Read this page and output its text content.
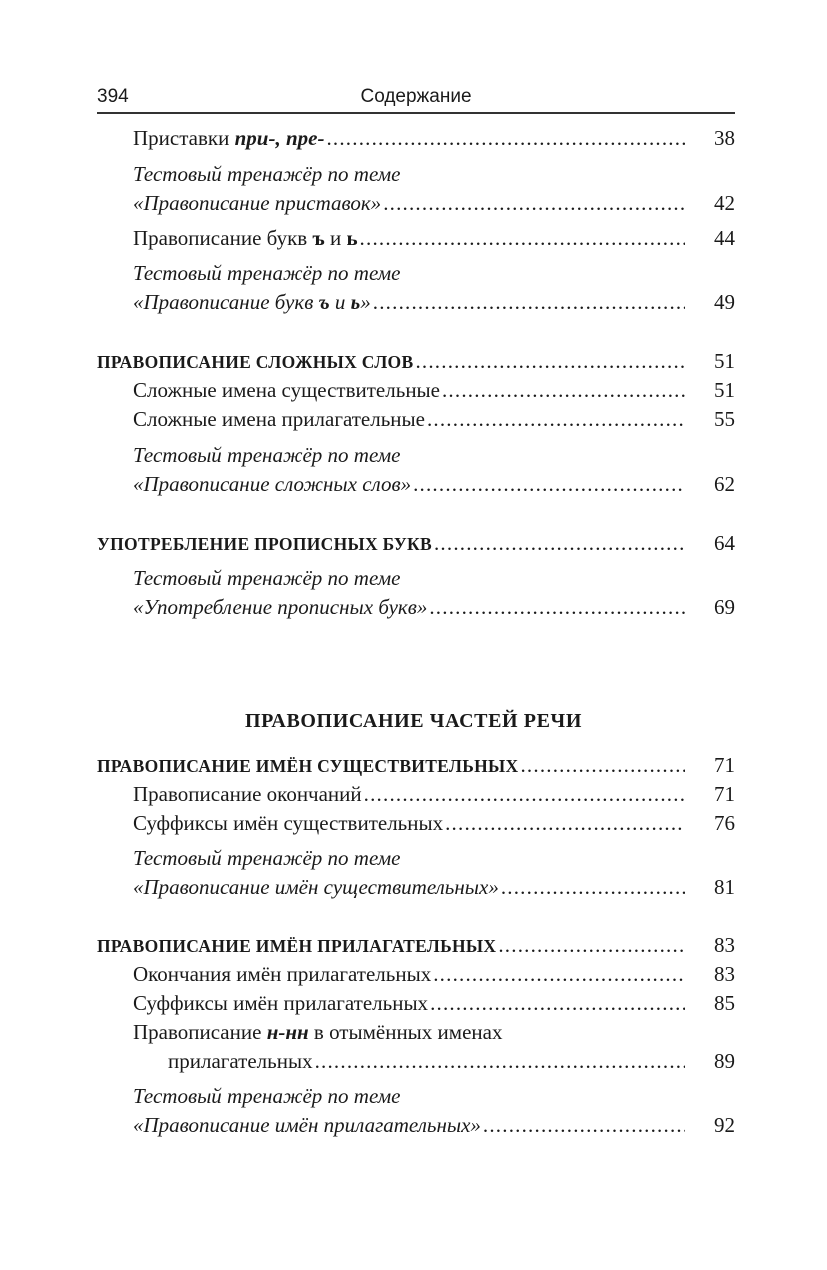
394	Содержание
Приставки при-, пре- .....	38
Тестовый тренажёр по теме
«Правописание приставок» .....	42
Правописание букв ъ и ь .....	44
Тестовый тренажёр по теме
«Правописание букв ъ и ь» .....	49
ПРАВОПИСАНИЕ СЛОЖНЫХ СЛОВ .....	51
Сложные имена существительные .....	51
Сложные имена прилагательные .....	55
Тестовый тренажёр по теме
«Правописание сложных слов» .....	62
УПОТРЕБЛЕНИЕ ПРОПИСНЫХ БУКВ .....	64
Тестовый тренажёр по теме
«Употребление прописных букв» .....	69
ПРАВОПИСАНИЕ ЧАСТЕЙ РЕЧИ
ПРАВОПИСАНИЕ ИМЁН СУЩЕСТВИТЕЛЬНЫХ .....	71
Правописание окончаний .....	71
Суффиксы имён существительных .....	76
Тестовый тренажёр по теме
«Правописание имён существительных» .....	81
ПРАВОПИСАНИЕ ИМЁН ПРИЛАГАТЕЛЬНЫХ .....	83
Окончания имён прилагательных .....	83
Суффиксы имён прилагательных .....	85
Правописание н-нн в отымённых именах
прилагательных .....	89
Тестовый тренажёр по теме
«Правописание имён прилагательных» .....	92
